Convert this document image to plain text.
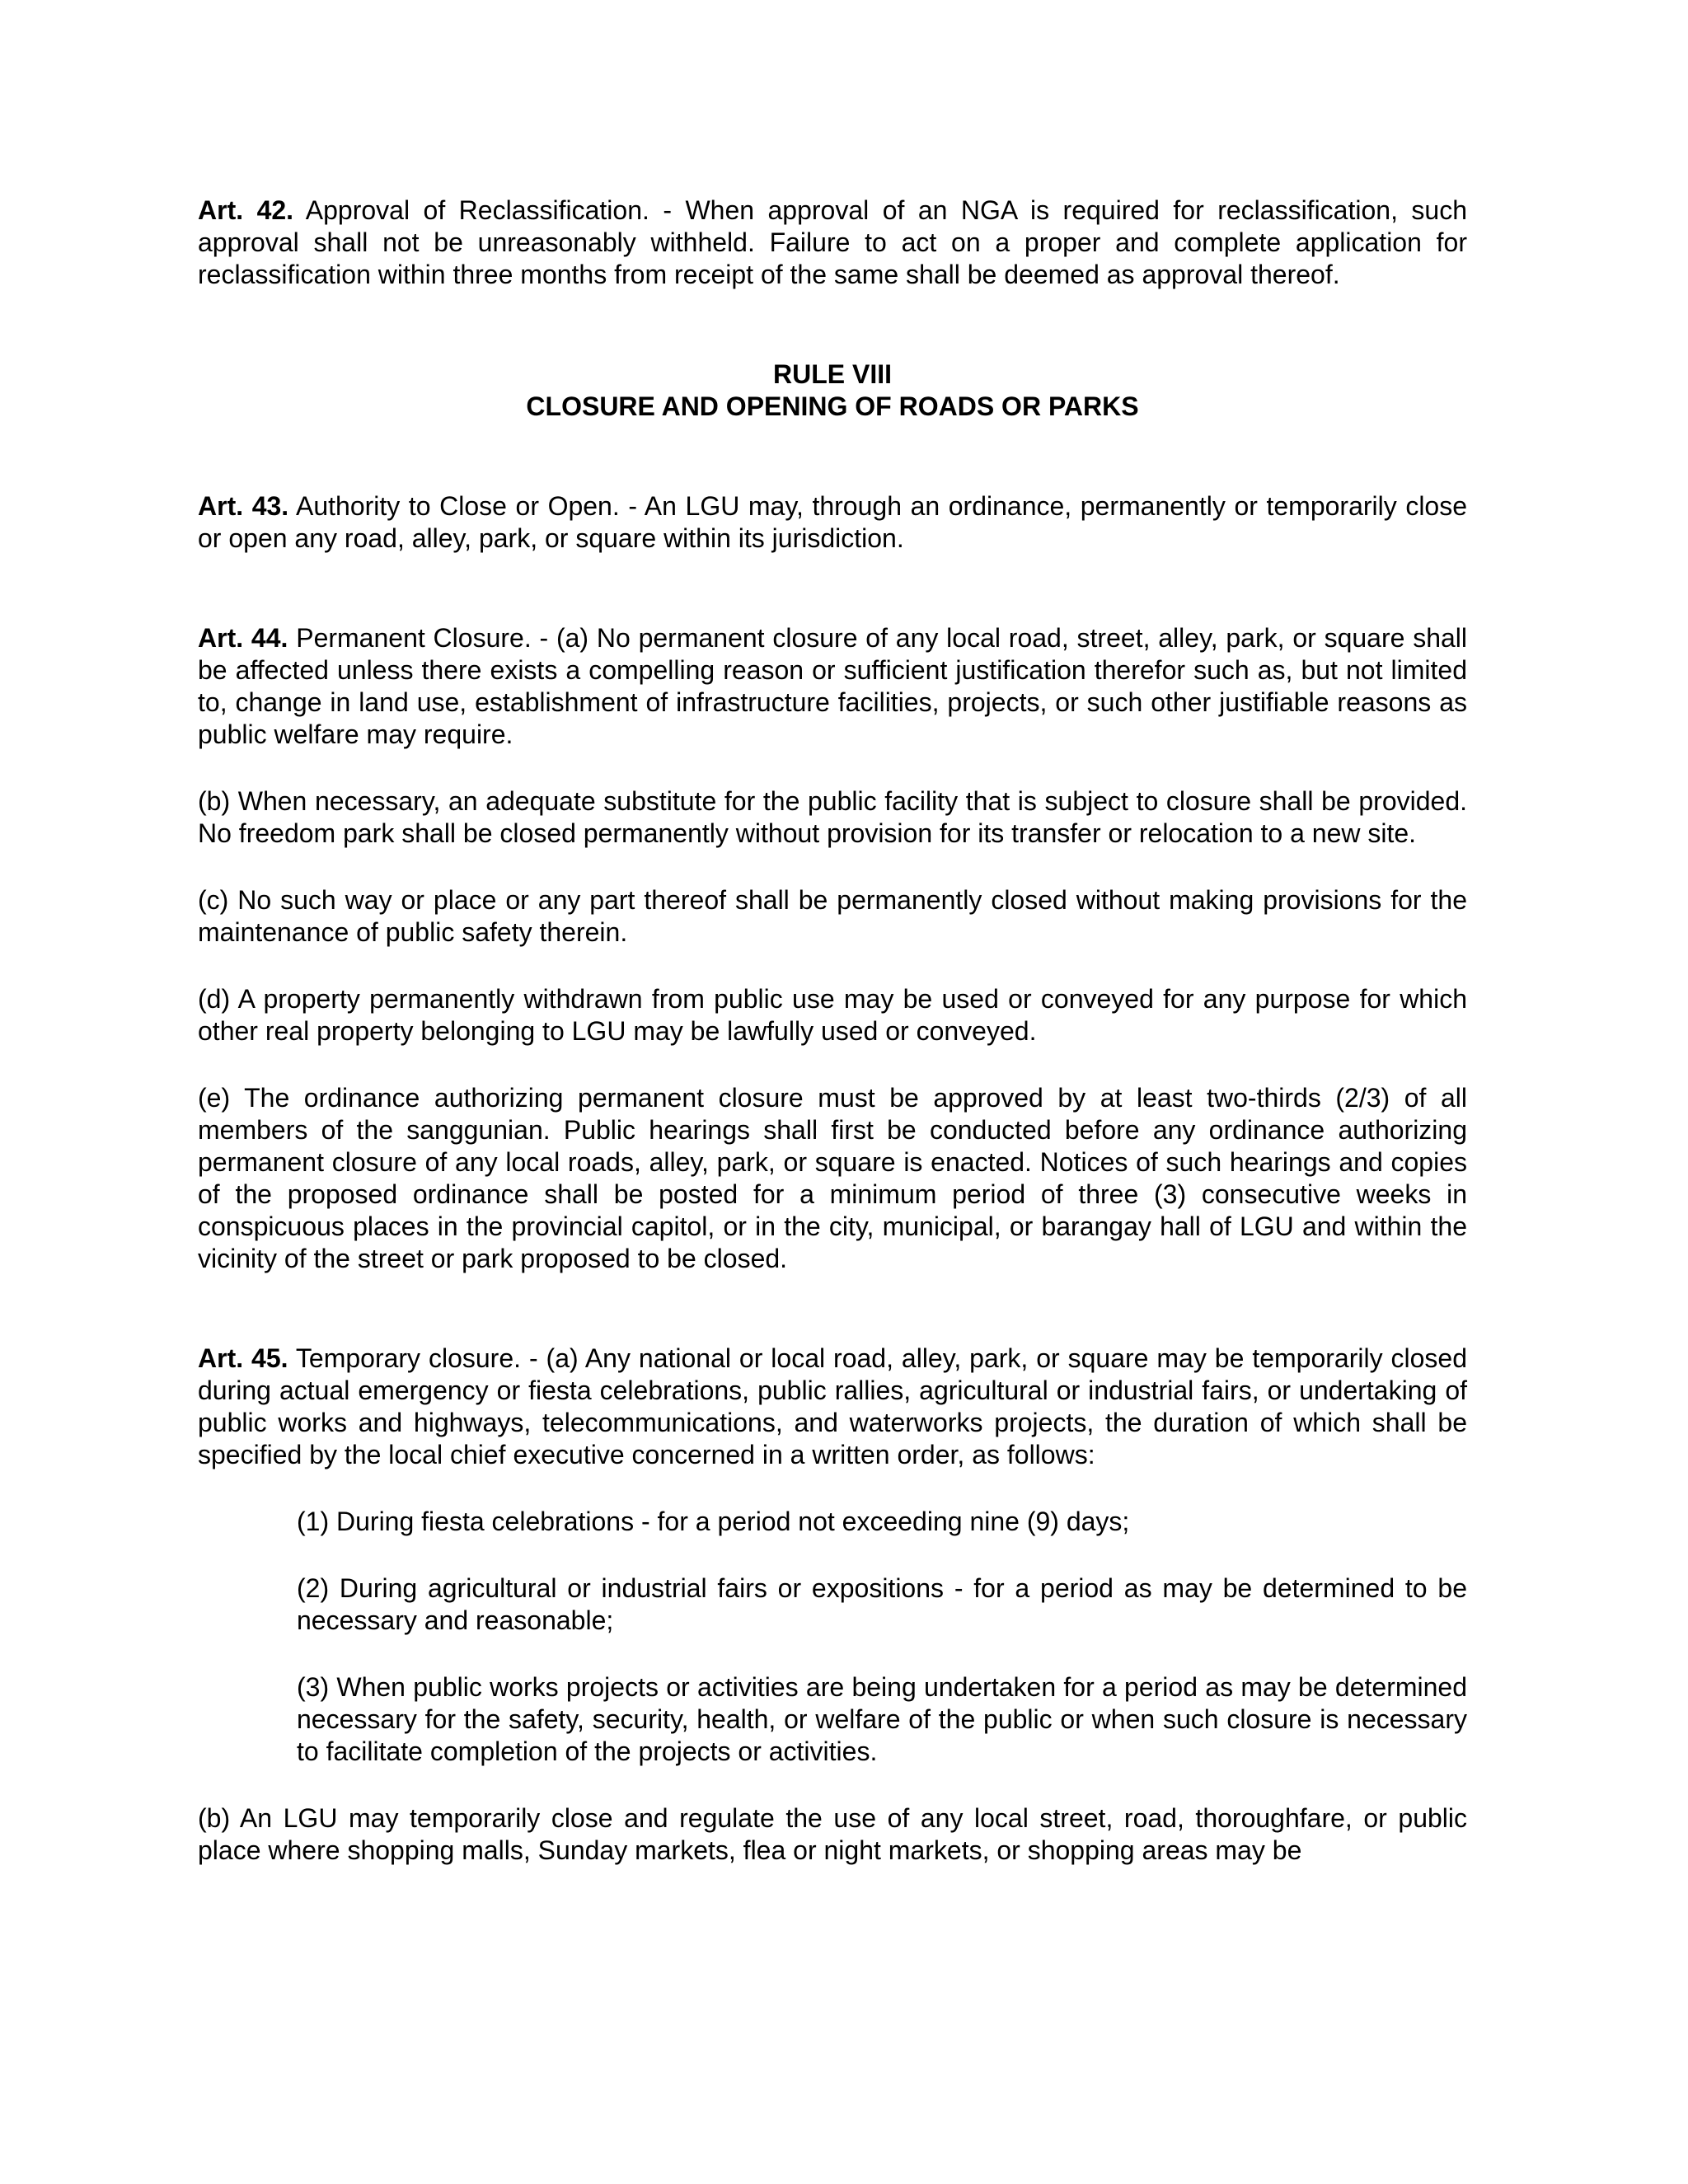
Art. 42. Approval of Reclassification. - When approval of an NGA is required for reclassification, such approval shall not be unreasonably withheld. Failure to act on a proper and complete application for reclassification within three months from receipt of the same shall be deemed as approval thereof.

RULE VIII
CLOSURE AND OPENING OF ROADS OR PARKS

Art. 43. Authority to Close or Open. - An LGU may, through an ordinance, permanently or temporarily close or open any road, alley, park, or square within its jurisdiction.

Art. 44. Permanent Closure. - (a) No permanent closure of any local road, street, alley, park, or square shall be affected unless there exists a compelling reason or sufficient justification therefor such as, but not limited to, change in land use, establishment of infrastructure facilities, projects, or such other justifiable reasons as public welfare may require.

(b) When necessary, an adequate substitute for the public facility that is subject to closure shall be provided. No freedom park shall be closed permanently without provision for its transfer or relocation to a new site.

(c) No such way or place or any part thereof shall be permanently closed without making provisions for the maintenance of public safety therein.

(d) A property permanently withdrawn from public use may be used or conveyed for any purpose for which other real property belonging to LGU may be lawfully used or conveyed.

(e) The ordinance authorizing permanent closure must be approved by at least two-thirds (2/3) of all members of the sanggunian. Public hearings shall first be conducted before any ordinance authorizing permanent closure of any local roads, alley, park, or square is enacted. Notices of such hearings and copies of the proposed ordinance shall be posted for a minimum period of three (3) consecutive weeks in conspicuous places in the provincial capitol, or in the city, municipal, or barangay hall of LGU and within the vicinity of the street or park proposed to be closed.

Art. 45. Temporary closure. - (a) Any national or local road, alley, park, or square may be temporarily closed during actual emergency or fiesta celebrations, public rallies, agricultural or industrial fairs, or undertaking of public works and highways, telecommunications, and waterworks projects, the duration of which shall be specified by the local chief executive concerned in a written order, as follows:

(1) During fiesta celebrations - for a period not exceeding nine (9) days;

(2) During agricultural or industrial fairs or expositions - for a period as may be determined to be necessary and reasonable;

(3) When public works projects or activities are being undertaken for a period as may be determined necessary for the safety, security, health, or welfare of the public or when such closure is necessary to facilitate completion of the projects or activities.

(b) An LGU may temporarily close and regulate the use of any local street, road, thoroughfare, or public place where shopping malls, Sunday markets, flea or night markets, or shopping areas may be
